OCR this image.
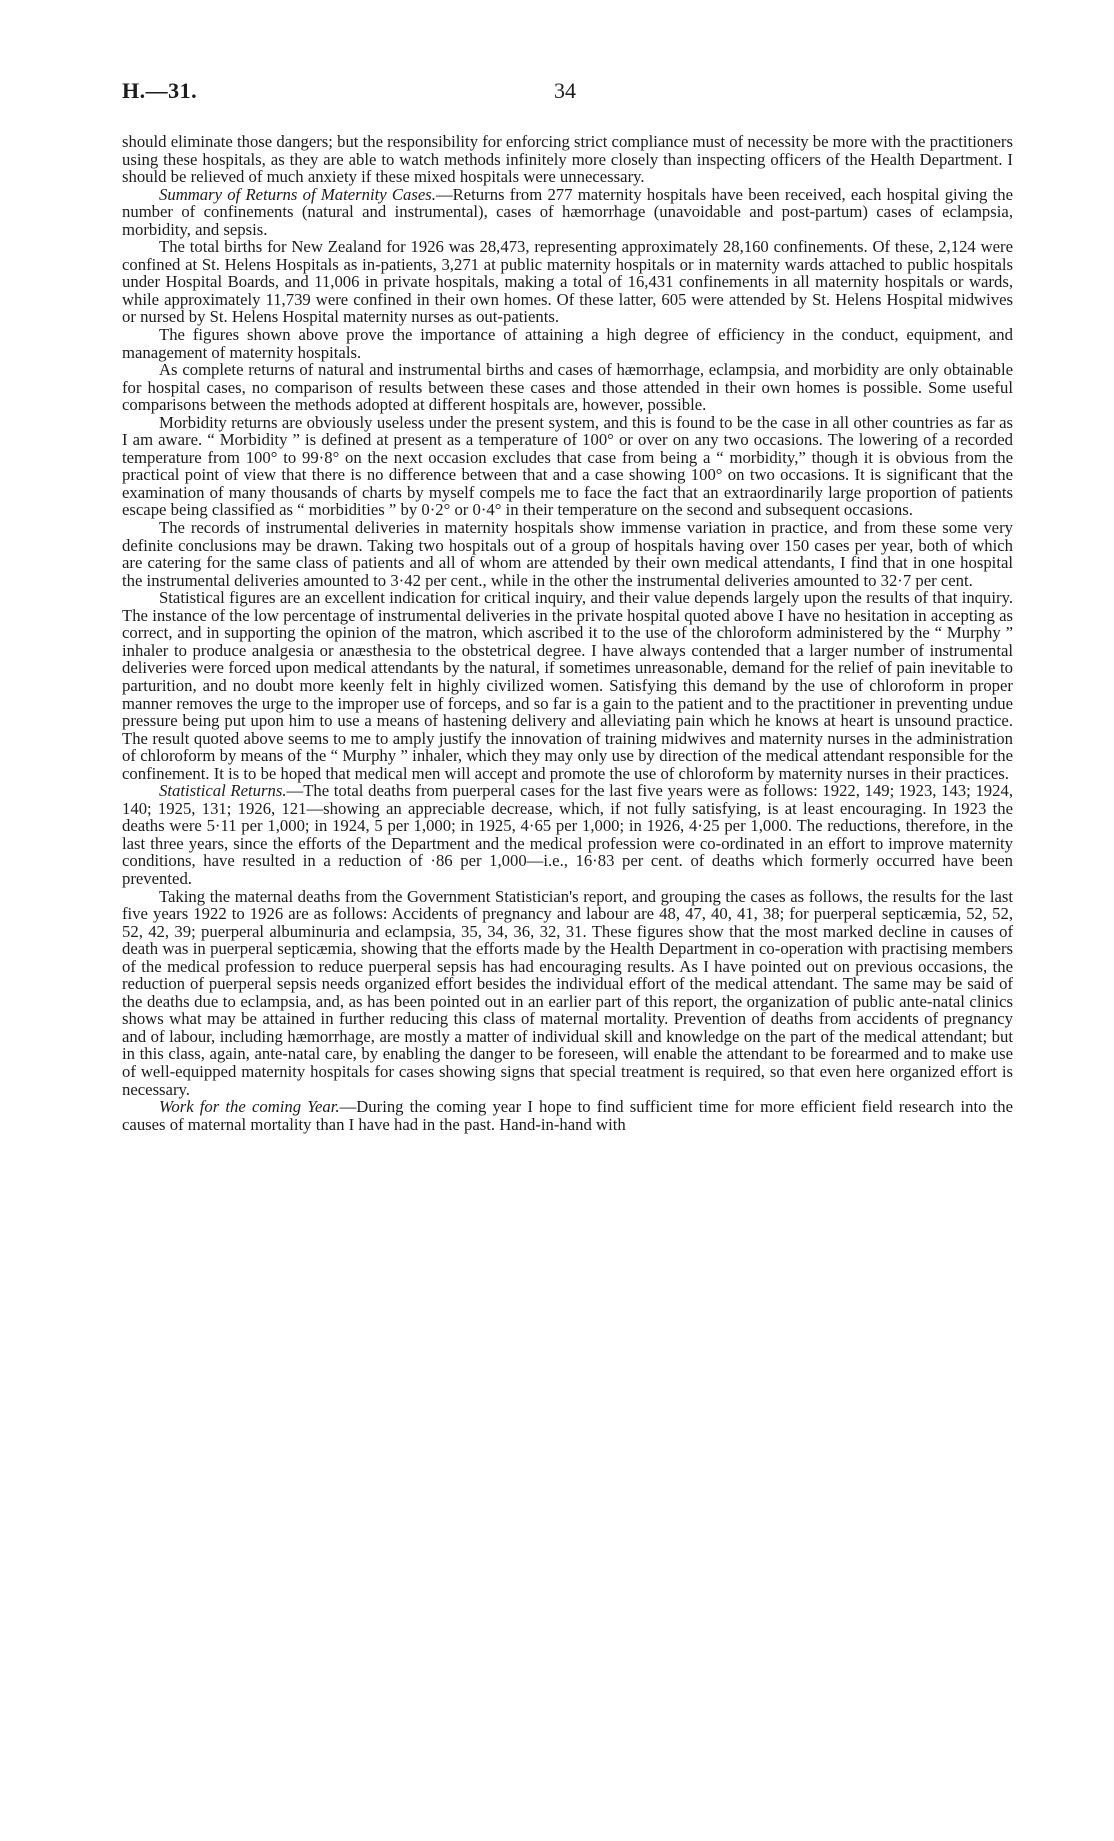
H.—31.	34

should eliminate those dangers; but the responsibility for enforcing strict compliance must of necessity be more with the practitioners using these hospitals, as they are able to watch methods infinitely more closely than inspecting officers of the Health Department. I should be relieved of much anxiety if these mixed hospitals were unnecessary.

Summary of Returns of Maternity Cases.—Returns from 277 maternity hospitals have been received, each hospital giving the number of confinements (natural and instrumental), cases of hæmorrhage (unavoidable and post-partum) cases of eclampsia, morbidity, and sepsis.

The total births for New Zealand for 1926 was 28,473, representing approximately 28,160 confinements. Of these, 2,124 were confined at St. Helens Hospitals as in-patients, 3,271 at public maternity hospitals or in maternity wards attached to public hospitals under Hospital Boards, and 11,006 in private hospitals, making a total of 16,431 confinements in all maternity hospitals or wards, while approximately 11,739 were confined in their own homes. Of these latter, 605 were attended by St. Helens Hospital midwives or nursed by St. Helens Hospital maternity nurses as out-patients.

The figures shown above prove the importance of attaining a high degree of efficiency in the conduct, equipment, and management of maternity hospitals.

As complete returns of natural and instrumental births and cases of hæmorrhage, eclampsia, and morbidity are only obtainable for hospital cases, no comparison of results between these cases and those attended in their own homes is possible. Some useful comparisons between the methods adopted at different hospitals are, however, possible.

Morbidity returns are obviously useless under the present system, and this is found to be the case in all other countries as far as I am aware. “ Morbidity ” is defined at present as a temperature of 100° or over on any two occasions. The lowering of a recorded temperature from 100° to 99·8° on the next occasion excludes that case from being a “ morbidity,” though it is obvious from the practical point of view that there is no difference between that and a case showing 100° on two occasions. It is significant that the examination of many thousands of charts by myself compels me to face the fact that an extraordinarily large proportion of patients escape being classified as “ morbidities ” by 0·2° or 0·4° in their temperature on the second and subsequent occasions.

The records of instrumental deliveries in maternity hospitals show immense variation in practice, and from these some very definite conclusions may be drawn. Taking two hospitals out of a group of hospitals having over 150 cases per year, both of which are catering for the same class of patients and all of whom are attended by their own medical attendants, I find that in one hospital the instrumental deliveries amounted to 3·42 per cent., while in the other the instrumental deliveries amounted to 32·7 per cent.

Statistical figures are an excellent indication for critical inquiry, and their value depends largely upon the results of that inquiry. The instance of the low percentage of instrumental deliveries in the private hospital quoted above I have no hesitation in accepting as correct, and in supporting the opinion of the matron, which ascribed it to the use of the chloroform administered by the “ Murphy ” inhaler to produce analgesia or anæsthesia to the obstetrical degree. I have always contended that a larger number of instrumental deliveries were forced upon medical attendants by the natural, if sometimes unreasonable, demand for the relief of pain inevitable to parturition, and no doubt more keenly felt in highly civilized women. Satisfying this demand by the use of chloroform in proper manner removes the urge to the improper use of forceps, and so far is a gain to the patient and to the practitioner in preventing undue pressure being put upon him to use a means of hastening delivery and alleviating pain which he knows at heart is unsound practice. The result quoted above seems to me to amply justify the innovation of training midwives and maternity nurses in the administration of chloroform by means of the “ Murphy ” inhaler, which they may only use by direction of the medical attendant responsible for the confinement. It is to be hoped that medical men will accept and promote the use of chloroform by maternity nurses in their practices.

Statistical Returns.—The total deaths from puerperal cases for the last five years were as follows: 1922, 149; 1923, 143; 1924, 140; 1925, 131; 1926, 121—showing an appreciable decrease, which, if not fully satisfying, is at least encouraging. In 1923 the deaths were 5·11 per 1,000; in 1924, 5 per 1,000; in 1925, 4·65 per 1,000; in 1926, 4·25 per 1,000. The reductions, therefore, in the last three years, since the efforts of the Department and the medical profession were co-ordinated in an effort to improve maternity conditions, have resulted in a reduction of ·86 per 1,000—i.e., 16·83 per cent. of deaths which formerly occurred have been prevented.

Taking the maternal deaths from the Government Statistician's report, and grouping the cases as follows, the results for the last five years 1922 to 1926 are as follows: Accidents of pregnancy and labour are 48, 47, 40, 41, 38; for puerperal septicæmia, 52, 52, 52, 42, 39; puerperal albuminuria and eclampsia, 35, 34, 36, 32, 31. These figures show that the most marked decline in causes of death was in puerperal septicæmia, showing that the efforts made by the Health Department in co-operation with practising members of the medical profession to reduce puerperal sepsis has had encouraging results. As I have pointed out on previous occasions, the reduction of puerperal sepsis needs organized effort besides the individual effort of the medical attendant. The same may be said of the deaths due to eclampsia, and, as has been pointed out in an earlier part of this report, the organization of public ante-natal clinics shows what may be attained in further reducing this class of maternal mortality. Prevention of deaths from accidents of pregnancy and of labour, including hæmorrhage, are mostly a matter of individual skill and knowledge on the part of the medical attendant; but in this class, again, ante-natal care, by enabling the danger to be foreseen, will enable the attendant to be forearmed and to make use of well-equipped maternity hospitals for cases showing signs that special treatment is required, so that even here organized effort is necessary.

Work for the coming Year.—During the coming year I hope to find sufficient time for more efficient field research into the causes of maternal mortality than I have had in the past. Hand-in-hand with
